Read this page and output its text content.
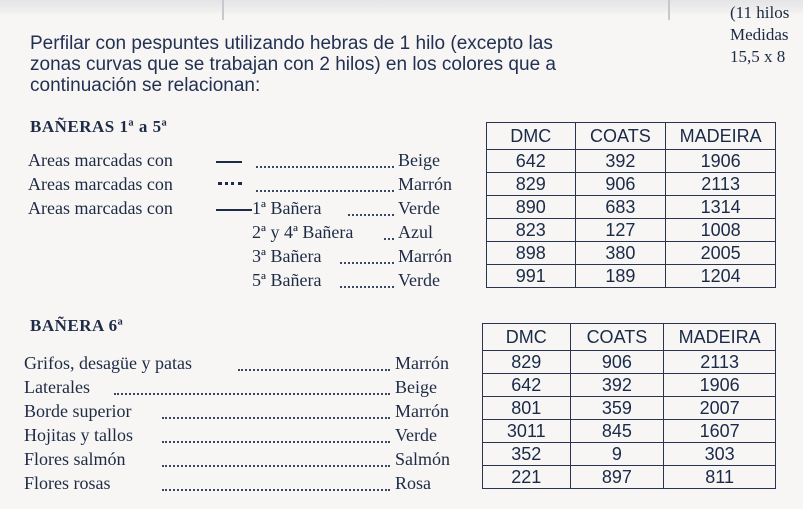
(11 hilos
Medidas
15,5 x 8
Perfilar con pespuntes utilizando hebras de 1 hilo (excepto las
zonas curvas que se trabajan con 2 hilos) en los colores que a
continuación se relacionan:
BAÑERAS 1ª a 5ª
Areas marcadas con	Beige
Areas marcadas con	Marrón
Areas marcadas con	1ª Bañera	Verde
2ª y 4ª Bañera Azul
3ª Bañera	Marrón
5ª Bañera	Verde
DMC	COATS	MADEIRA
642	392	1906
829	906	2113
890	683	1314
823	127	1008
898	380	2005
991	189	1204
BAÑERA 6ª
Grifos, desagüe y patas	Marrón
Laterales	Beige
Borde superior	Marrón
Hojitas y tallos	Verde
Flores salmón	Salmón
Flores rosas	Rosa
DMC	COATS	MADEIRA
829	906	2113
642	392	1906
801	359	2007
3011	845	1607
352	9	303
221	897	811
